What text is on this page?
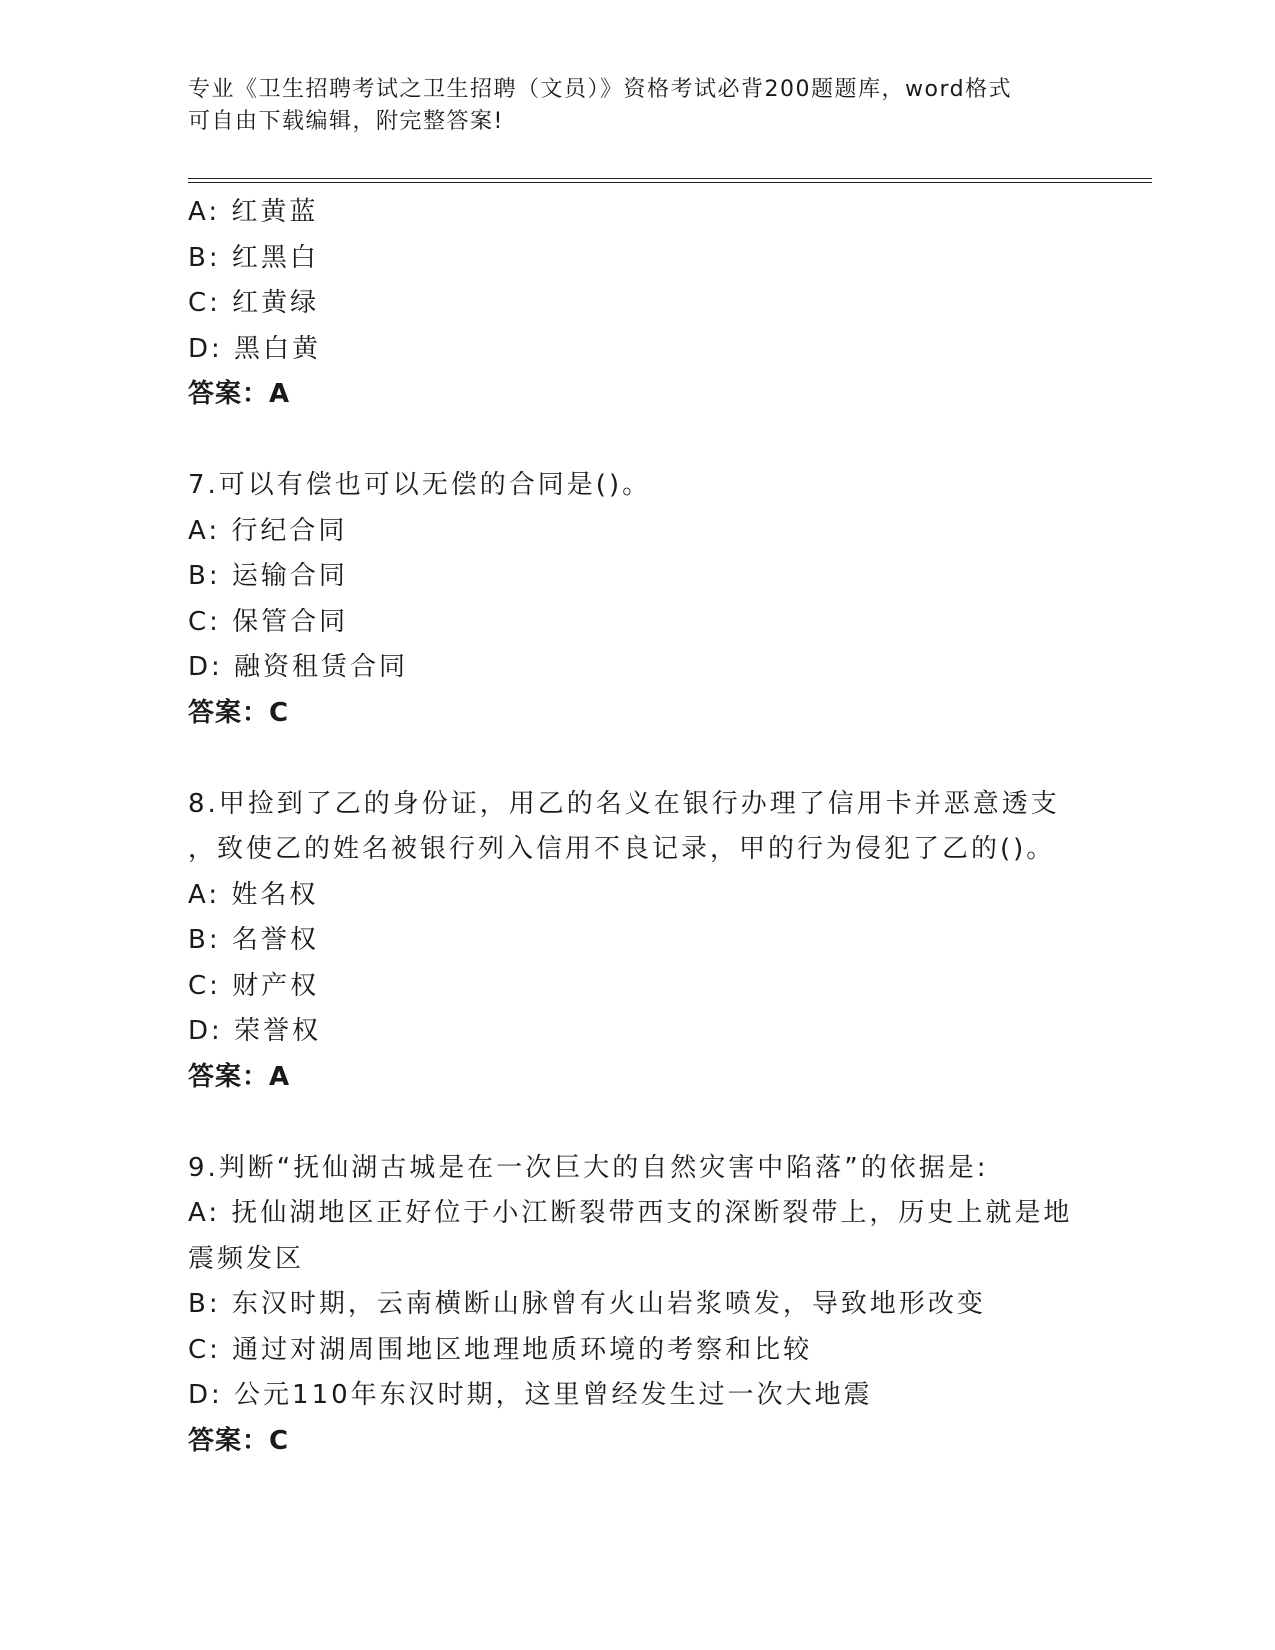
专业《卫生招聘考试之卫生招聘（文员）》资格考试必背200题题库，word格式
可自由下载编辑，附完整答案!
A: 红黄蓝
B: 红黑白
C: 红黄绿
D: 黑白黄
答案：A
7.可以有偿也可以无偿的合同是()。
A: 行纪合同
B: 运输合同
C: 保管合同
D: 融资租赁合同
答案：C
8.甲捡到了乙的身份证，用乙的名义在银行办理了信用卡并恶意透支
，致使乙的姓名被银行列入信用不良记录，甲的行为侵犯了乙的()。
A: 姓名权
B: 名誉权
C: 财产权
D: 荣誉权
答案：A
9.判断“抚仙湖古城是在一次巨大的自然灾害中陷落”的依据是:
A: 抚仙湖地区正好位于小江断裂带西支的深断裂带上，历史上就是地
震频发区
B: 东汉时期，云南横断山脉曾有火山岩浆喷发，导致地形改变
C: 通过对湖周围地区地理地质环境的考察和比较
D: 公元110年东汉时期，这里曾经发生过一次大地震
答案：C
